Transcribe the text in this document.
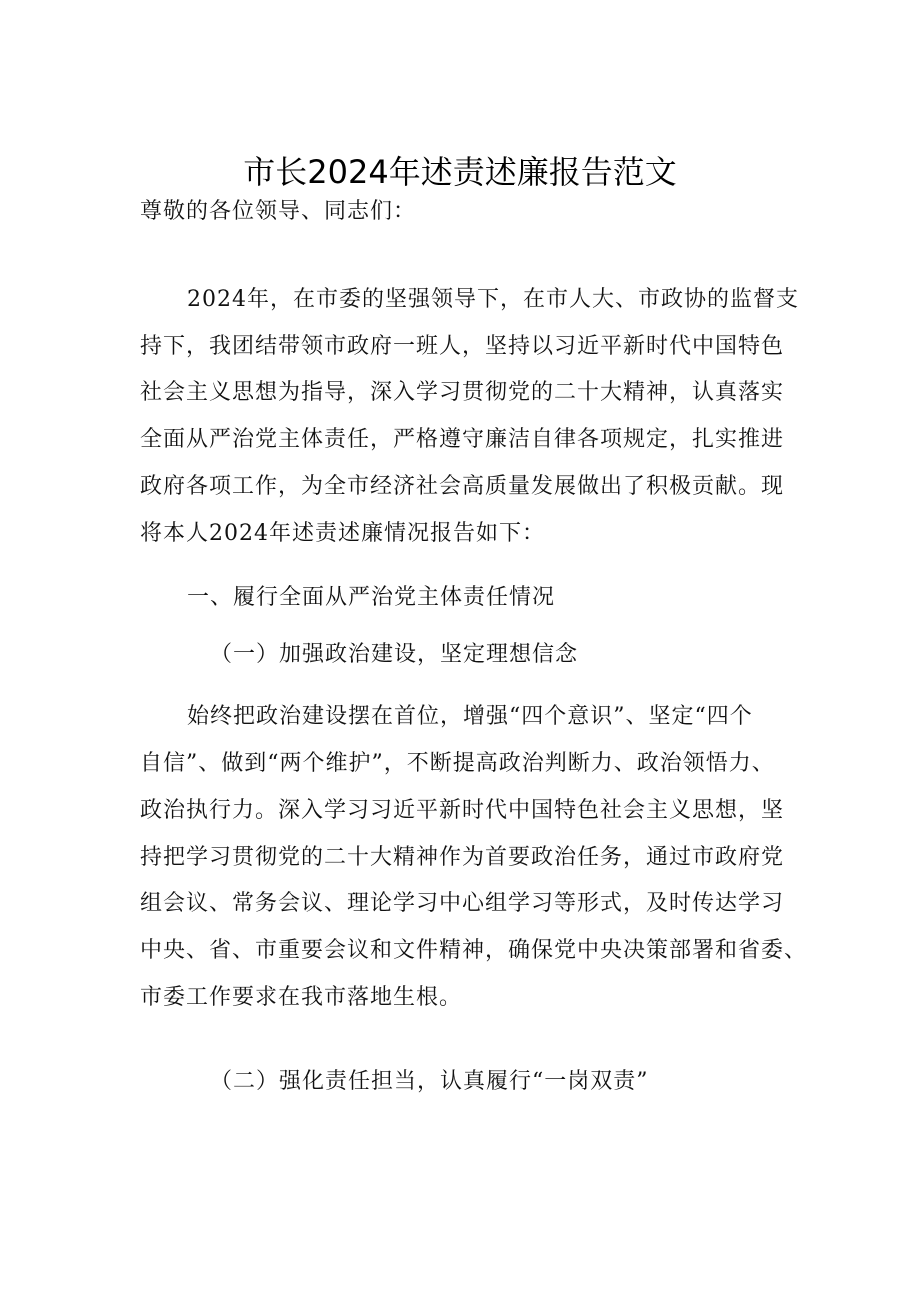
市长2024年述责述廉报告范文
尊敬的各位领导、同志们：
2024年，在市委的坚强领导下，在市人大、市政协的监督支
持下，我团结带领市政府一班人，坚持以习近平新时代中国特色
社会主义思想为指导，深入学习贯彻党的二十大精神，认真落实
全面从严治党主体责任，严格遵守廉洁自律各项规定，扎实推进
政府各项工作，为全市经济社会高质量发展做出了积极贡献。现
将本人2024年述责述廉情况报告如下：
一、履行全面从严治党主体责任情况
（一）加强政治建设，坚定理想信念
始终把政治建设摆在首位，增强“四个意识”、坚定“四个
自信”、做到“两个维护”，不断提高政治判断力、政治领悟力、
政治执行力。深入学习习近平新时代中国特色社会主义思想，坚
持把学习贯彻党的二十大精神作为首要政治任务，通过市政府党
组会议、常务会议、理论学习中心组学习等形式，及时传达学习
中央、省、市重要会议和文件精神，确保党中央决策部署和省委、
市委工作要求在我市落地生根。
（二）强化责任担当，认真履行“一岗双责”
